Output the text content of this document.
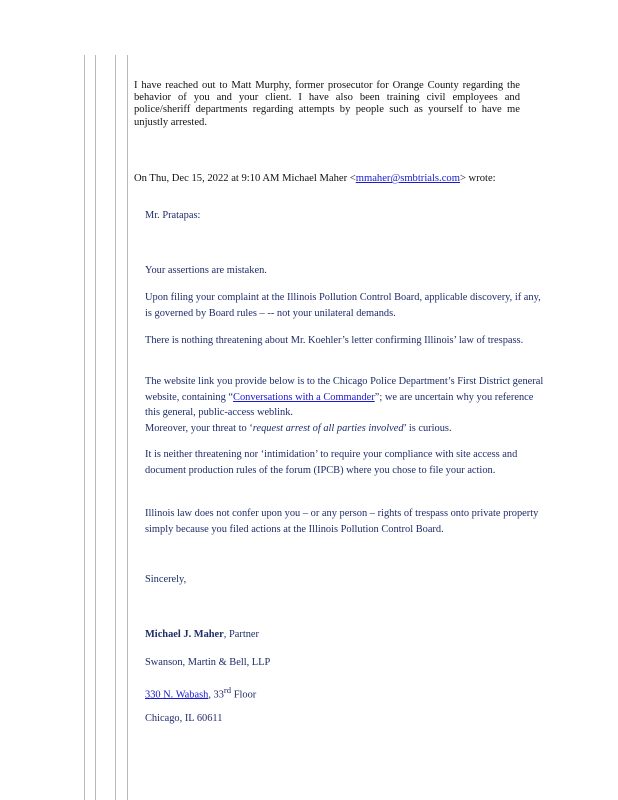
I have reached out to Matt Murphy, former prosecutor for Orange County regarding the behavior of you and your client. I have also been training civil employees and police/sheriff departments regarding attempts by people such as yourself to have me unjustly arrested.

On Thu, Dec 15, 2022 at 9:10 AM Michael Maher <mmaher@smbtrials.com> wrote:

Mr. Pratapas:

Your assertions are mistaken.

Upon filing your complaint at the Illinois Pollution Control Board, applicable discovery, if any, is governed by Board rules – -- not your unilateral demands.

There is nothing threatening about Mr. Koehler’s letter confirming Illinois’ law of trespass.

The website link you provide below is to the Chicago Police Department’s First District general website, containing “Conversations with a Commander”; we are uncertain why you reference this general, public-access weblink.
Moreover, your threat to ‘request arrest of all parties involved’ is curious.

It is neither threatening nor ‘intimidation’ to require your compliance with site access and document production rules of the forum (IPCB) where you chose to file your action.

Illinois law does not confer upon you – or any person – rights of trespass onto private property simply because you filed actions at the Illinois Pollution Control Board.

Sincerely,

Michael J. Maher, Partner

Swanson, Martin & Bell, LLP

330 N. Wabash, 33rd Floor

Chicago, IL 60611
